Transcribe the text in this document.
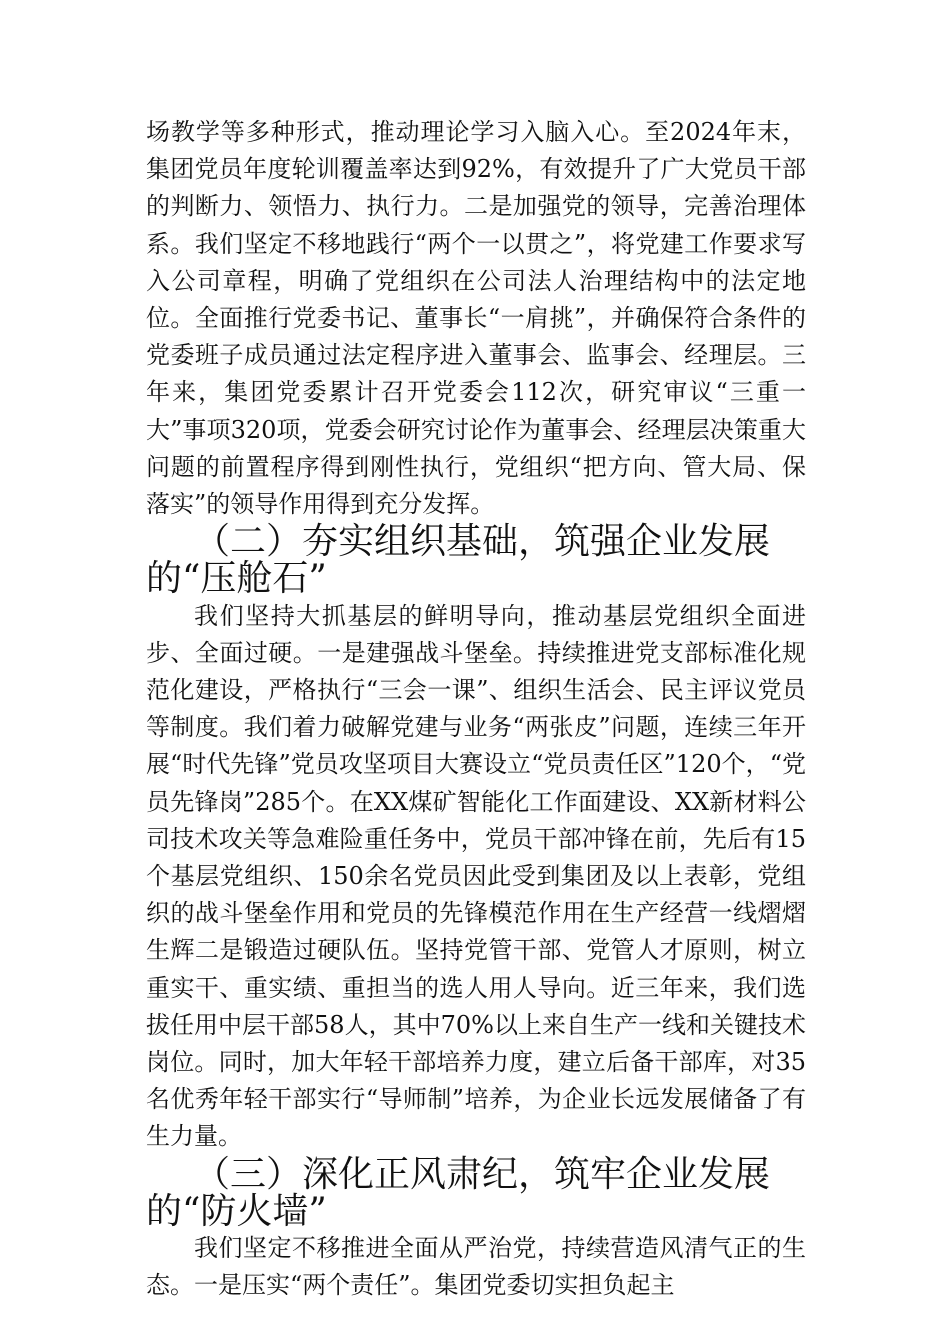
场教学等多种形式，推动理论学习入脑入心。至2024年末，集团党员年度轮训覆盖率达到92%，有效提升了广大党员干部的判断力、领悟力、执行力。二是加强党的领导，完善治理体系。我们坚定不移地践行“两个一以贯之”，将党建工作要求写入公司章程，明确了党组织在公司法人治理结构中的法定地位。全面推行党委书记、董事长“一肩挑”，并确保符合条件的党委班子成员通过法定程序进入董事会、监事会、经理层。三年来，集团党委累计召开党委会112次，研究审议“三重一大”事项320项，党委会研究讨论作为董事会、经理层决策重大问题的前置程序得到刚性执行，党组织“把方向、管大局、保落实”的领导作用得到充分发挥。

（二）夯实组织基础，筑强企业发展的“压舱石”

我们坚持大抓基层的鲜明导向，推动基层党组织全面进步、全面过硬。一是建强战斗堡垒。持续推进党支部标准化规范化建设，严格执行“三会一课”、组织生活会、民主评议党员等制度。我们着力破解党建与业务“两张皮”问题，连续三年开展“时代先锋”党员攻坚项目大赛设立“党员责任区”120个，“党员先锋岗”285个。在XX煤矿智能化工作面建设、XX新材料公司技术攻关等急难险重任务中，党员干部冲锋在前，先后有15个基层党组织、150余名党员因此受到集团及以上表彰，党组织的战斗堡垒作用和党员的先锋模范作用在生产经营一线熠熠生辉二是锻造过硬队伍。坚持党管干部、党管人才原则，树立重实干、重实绩、重担当的选人用人导向。近三年来，我们选拔任用中层干部58人，其中70%以上来自生产一线和关键技术岗位。同时，加大年轻干部培养力度，建立后备干部库，对35名优秀年轻干部实行“导师制”培养，为企业长远发展储备了有生力量。

（三）深化正风肃纪，筑牢企业发展的“防火墙”

我们坚定不移推进全面从严治党，持续营造风清气正的生态。一是压实“两个责任”。集团党委切实担负起主
